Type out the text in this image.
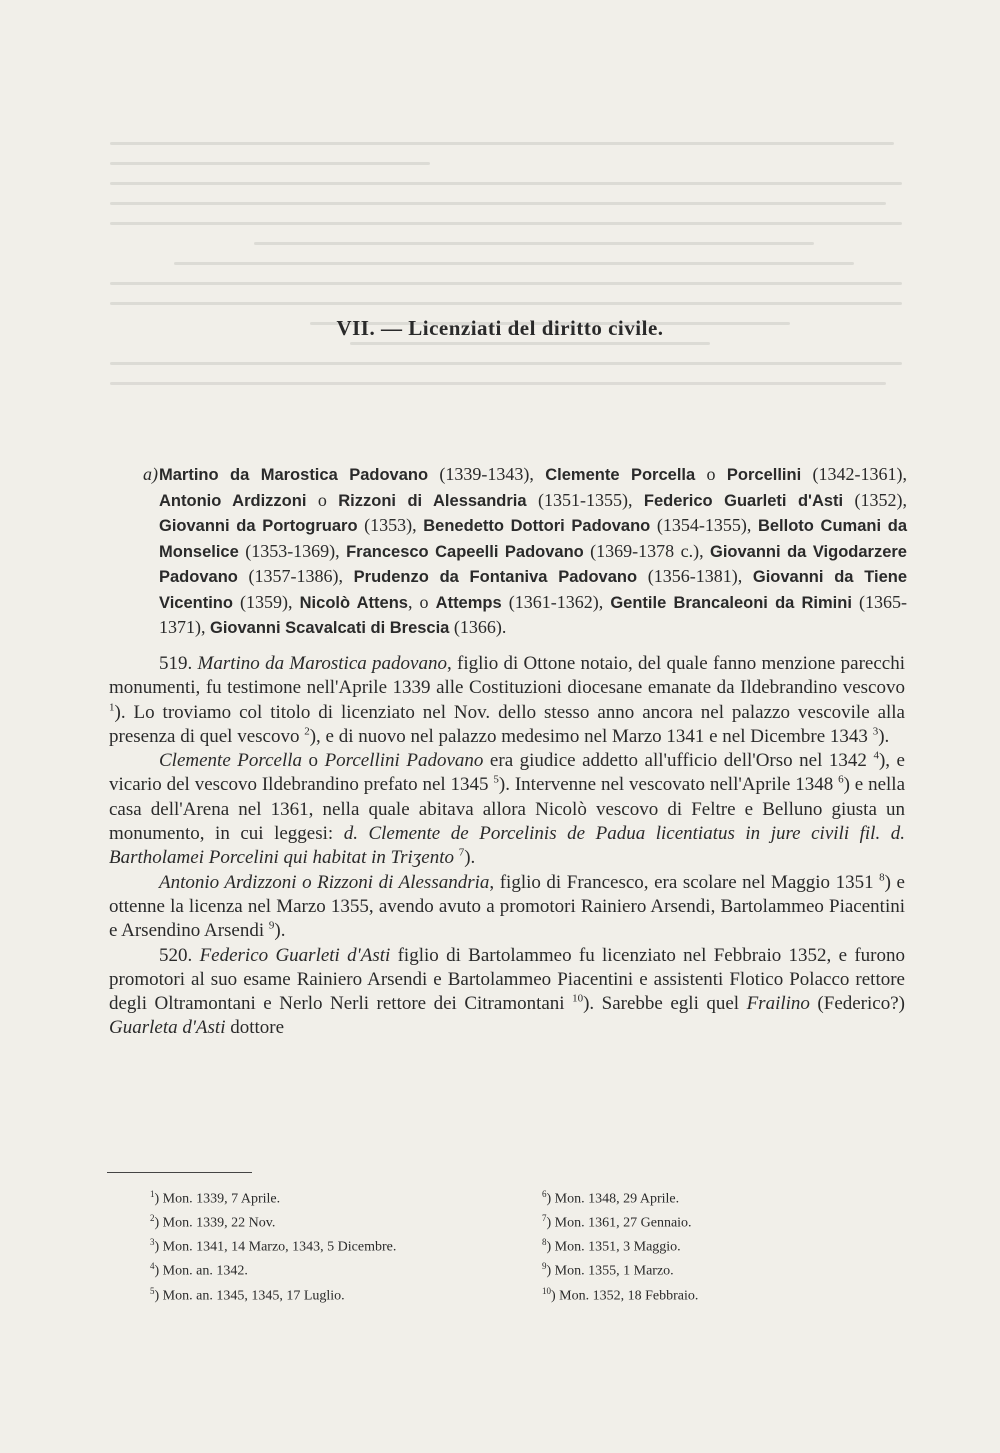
VII. — Licenziati del diritto civile.
a) Martino da Marostica Padovano (1339-1343), Clemente Porcella o Porcellini (1342-1361), Antonio Ardizzoni o Rizzoni di Alessandria (1351-1355), Federico Guarleti d'Asti (1352), Giovanni da Portogruaro (1353), Benedetto Dottori Padovano (1354-1355), Belloto Cumani da Monselice (1353-1369), Francesco Capeelli Padovano (1369-1378 c.), Giovanni da Vigodarzere Padovano (1357-1386), Prudenzo da Fontaniva Padovano (1356-1381), Giovanni da Tiene Vicentino (1359), Nicolò Attens, o Attemps (1361-1362), Gentile Brancaleoni da Rimini (1365-1371), Giovanni Scavalcati di Brescia (1366).

519. Martino da Marostica padovano, figlio di Ottone notaio, del quale fanno menzione parecchi monumenti, fu testimone nell'Aprile 1339 alle Costituzioni diocesane emanate da Ildebrandino vescovo $^1$). Lo troviamo col titolo di licenziato nel Nov. dello stesso anno ancora nel palazzo vescovile alla presenza di quel vescovo $^2$), e di nuovo nel palazzo medesimo nel Marzo 1341 e nel Dicembre 1343 $^3$).

Clemente Porcella o Porcellini Padovano era giudice addetto all'ufficio dell'Orso nel 1342 $^4$), e vicario del vescovo Ildebrandino prefato nel 1345 $^5$). Intervenne nel vescovato nell'Aprile 1348 $^6$) e nella casa dell'Arena nel 1361, nella quale abitava allora Nicolò vescovo di Feltre e Belluno giusta un monumento, in cui leggesi: d. Clemente de Porcelinis de Padua licentiatus in jure civili fil. d. Bartholamei Porcelini qui habitat in Triʒento $^7$).

Antonio Ardizzoni o Rizzoni di Alessandria, figlio di Francesco, era scolare nel Maggio 1351 $^8$) e ottenne la licenza nel Marzo 1355, avendo avuto a promotori Rainiero Arsendi, Bartolammeo Piacentini e Arsendino Arsendi $^9$).

520. Federico Guarleti d'Asti figlio di Bartolammeo fu licenziato nel Febbraio 1352, e furono promotori al suo esame Rainiero Arsendi e Bartolammeo Piacentini e assistenti Flotico Polacco rettore degli Oltramontani e Nerlo Nerli rettore dei Citramontani $^{10}$). Sarebbe egli quel Frailino (Federico?) Guarleta d'Asti dottore

$^1$) Mon. 1339, 7 Aprile.
$^2$) Mon. 1339, 22 Nov.
$^3$) Mon. 1341, 14 Marzo, 1343, 5 Dicembre.
$^4$) Mon. an. 1342.
$^5$) Mon. an. 1345, 1345, 17 Luglio.
$^6$) Mon. 1348, 29 Aprile.
$^7$) Mon. 1361, 27 Gennaio.
$^8$) Mon. 1351, 3 Maggio.
$^9$) Mon. 1355, 1 Marzo.
$^{10}$) Mon. 1352, 18 Febbraio.
